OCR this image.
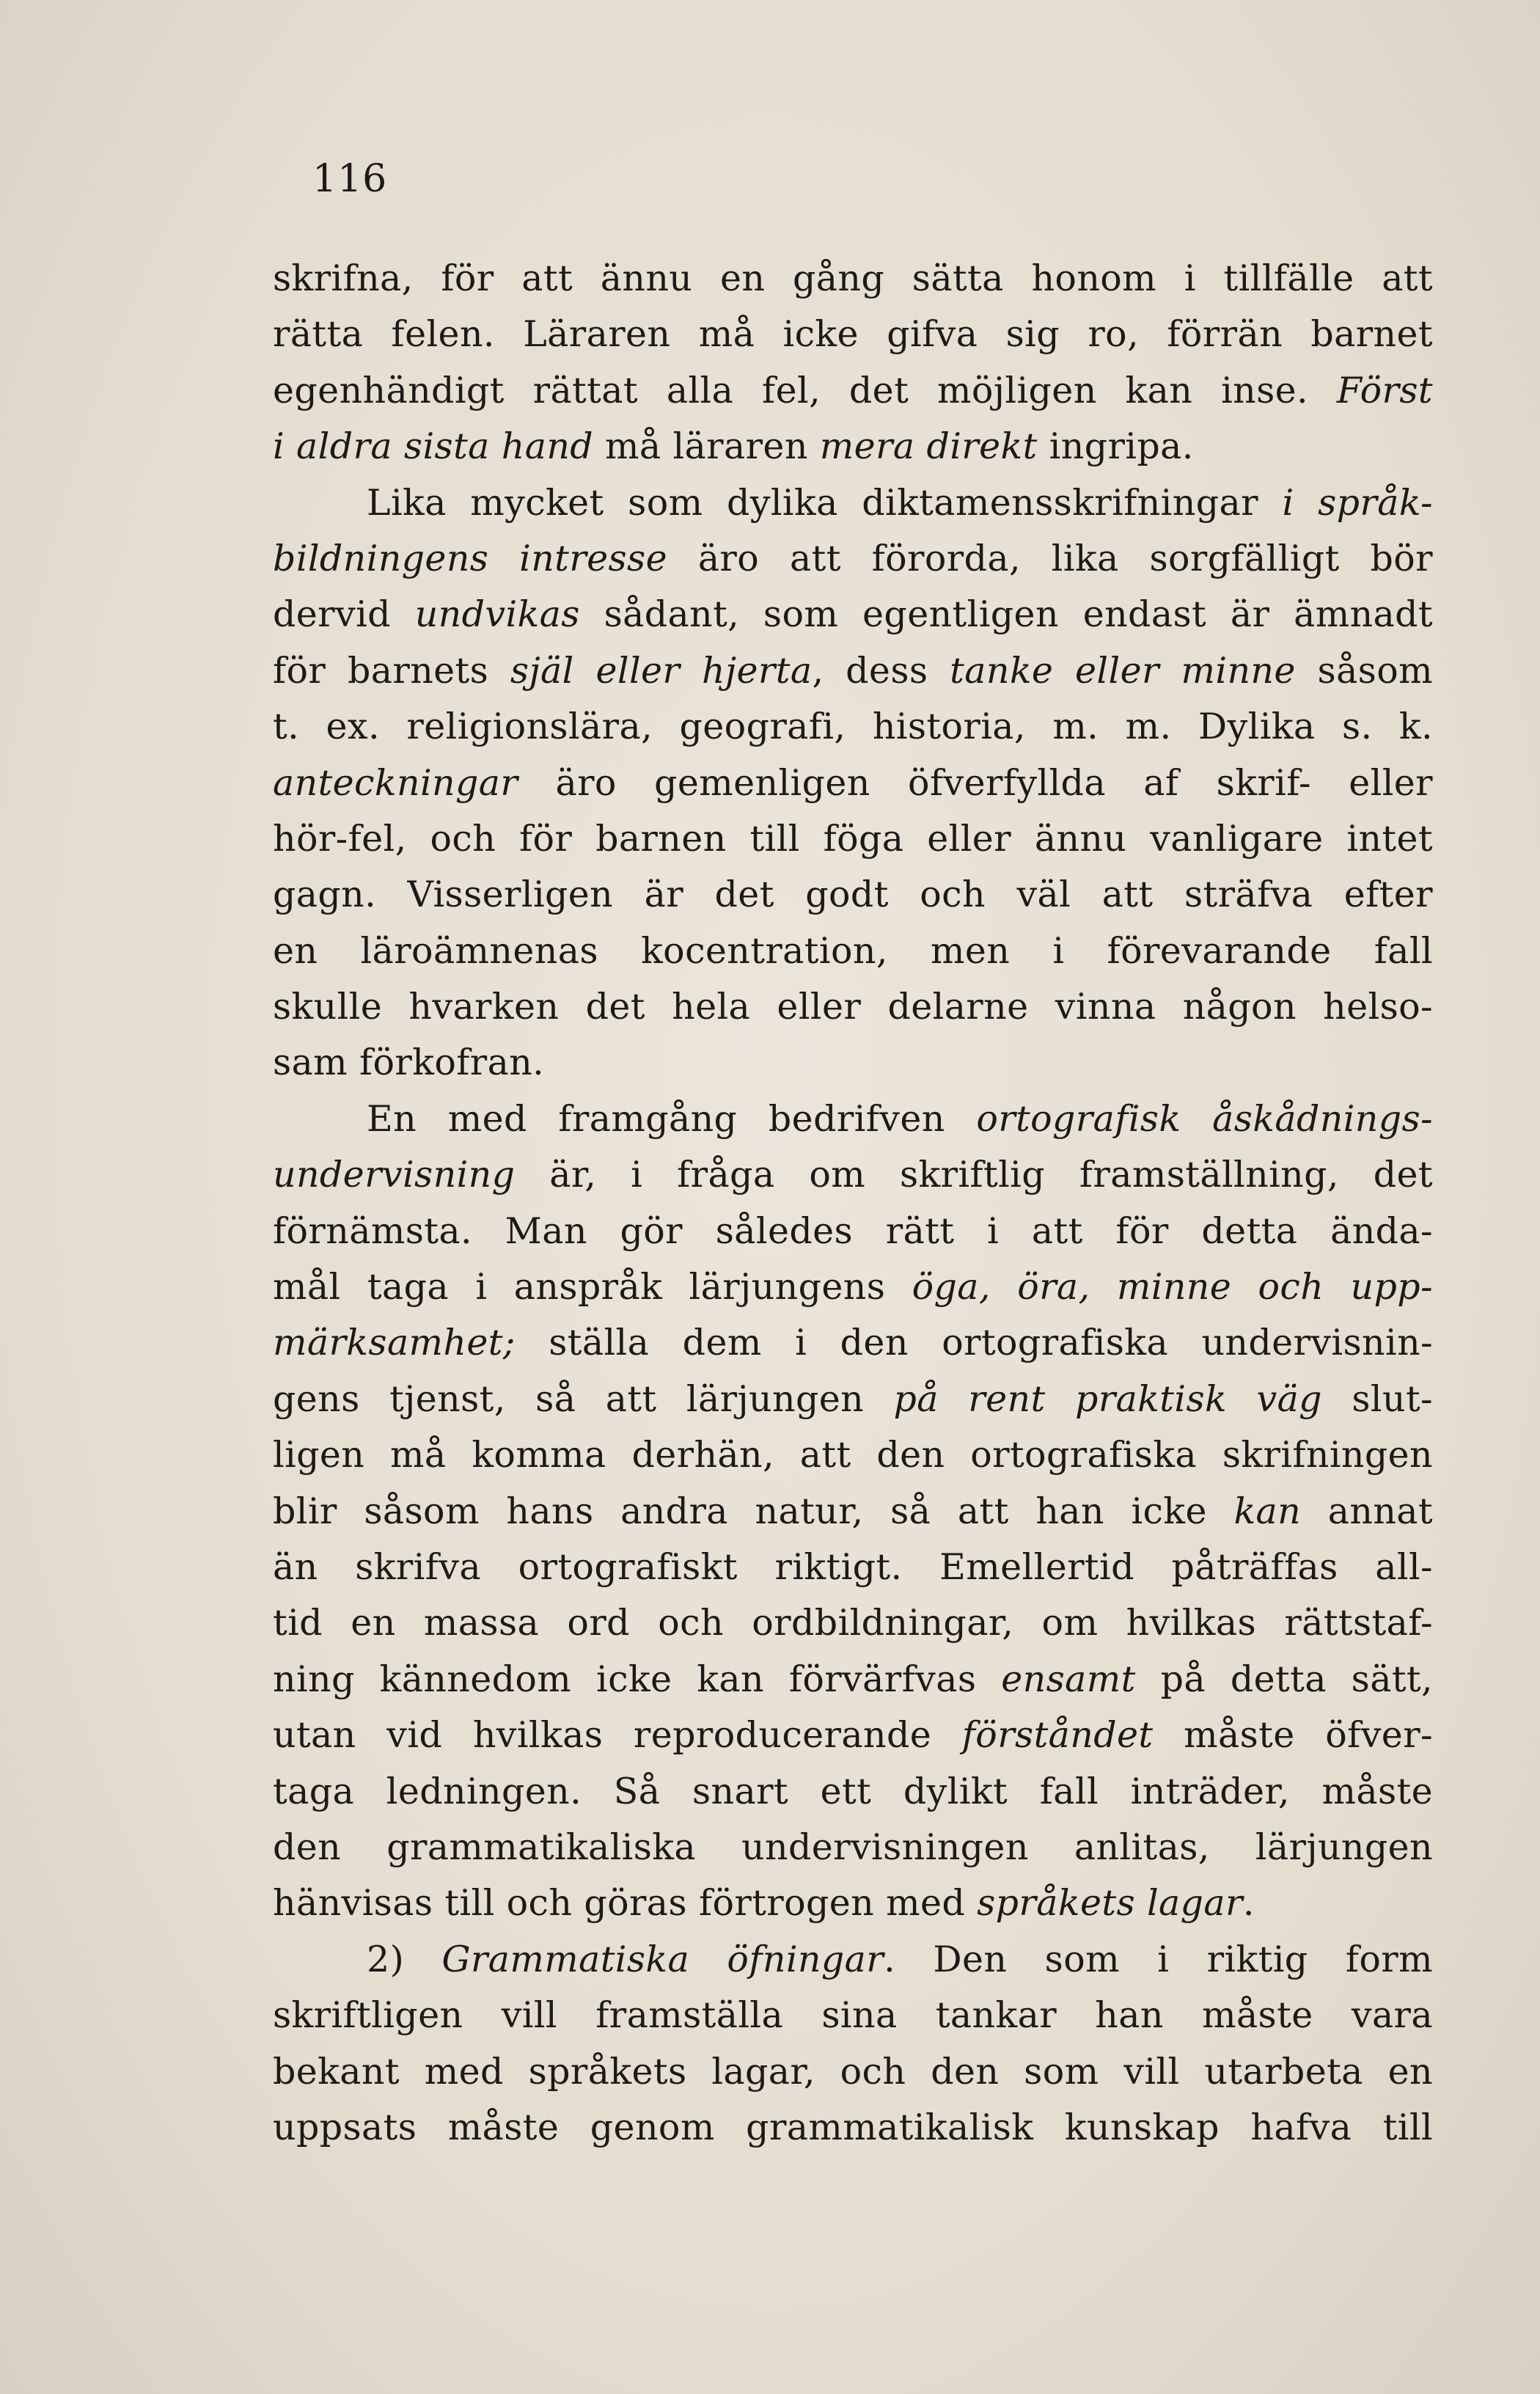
116
skrifna, för att ännu en gång sätta honom i tillfälle att
rätta felen. Läraren må icke gifva sig ro, förrän barnet
egenhändigt rättat alla fel, det möjligen kan inse. Först
i aldra sista hand må läraren mera direkt ingripa.
Lika mycket som dylika diktamensskrifningar i språk-
bildningens intresse äro att förorda, lika sorgfälligt bör
dervid undvikas sådant, som egentligen endast är ämnadt
för barnets själ eller hjerta, dess tanke eller minne såsom
t. ex. religionslära, geografi, historia, m. m. Dylika s. k.
anteckningar äro gemenligen öfverfyllda af skrif- eller
hör-fel, och för barnen till föga eller ännu vanligare intet
gagn. Visserligen är det godt och väl att sträfva efter
en läroämnenas kocentration, men i förevarande fall
skulle hvarken det hela eller delarne vinna någon helso-
sam förkofran.
En med framgång bedrifven ortografisk åskådnings-
undervisning är, i fråga om skriftlig framställning, det
förnämsta. Man gör således rätt i att för detta ända-
mål taga i anspråk lärjungens öga, öra, minne och upp-
märksamhet; ställa dem i den ortografiska undervisnin-
gens tjenst, så att lärjungen på rent praktisk väg slut-
ligen må komma derhän, att den ortografiska skrifningen
blir såsom hans andra natur, så att han icke kan annat
än skrifva ortografiskt riktigt. Emellertid påträffas all-
tid en massa ord och ordbildningar, om hvilkas rättstaf-
ning kännedom icke kan förvärfvas ensamt på detta sätt,
utan vid hvilkas reproducerande förståndet måste öfver-
taga ledningen. Så snart ett dylikt fall inträder, måste
den grammatikaliska undervisningen anlitas, lärjungen
hänvisas till och göras förtrogen med språkets lagar.
2) Grammatiska öfningar. Den som i riktig form
skriftligen vill framställa sina tankar han måste vara
bekant med språkets lagar, och den som vill utarbeta en
uppsats måste genom grammatikalisk kunskap hafva till
